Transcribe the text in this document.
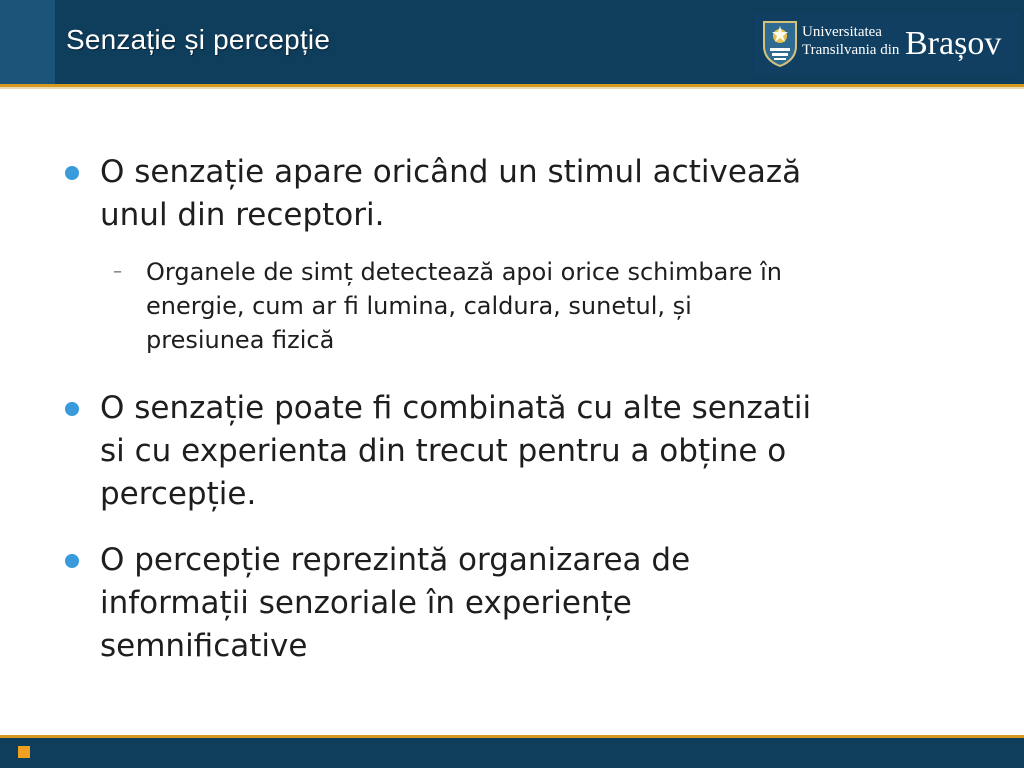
Senzație și percepție	Universitatea
Transilvania din Brașov
O senzație apare oricând un stimul activează
unul din receptori.
– Organele de simț detectează apoi orice schimbare în
energie, cum ar fi lumina, caldura, sunetul, și
presiunea fizică
O senzație poate fi combinată cu alte senzatii
si cu experienta din trecut pentru a obține o
percepție.
O percepție reprezintă organizarea de
informații senzoriale în experiențe
semnificative
